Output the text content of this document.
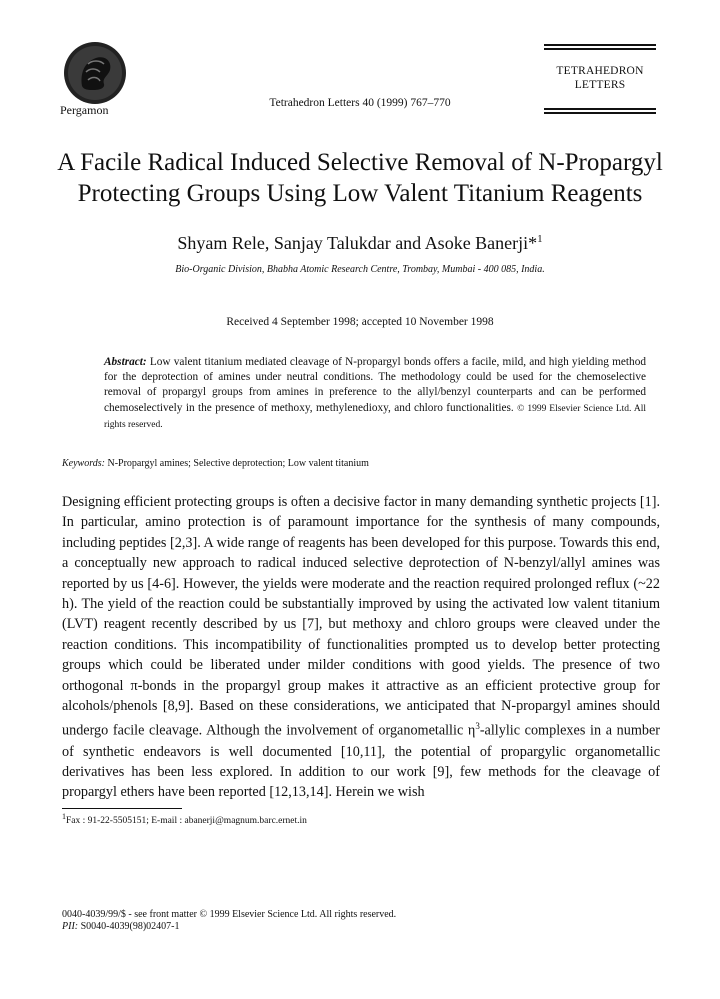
Pergamon	Tetrahedron Letters 40 (1999) 767–770
TETRAHEDRON
LETTERS
A Facile Radical Induced Selective Removal of N-Propargyl
Protecting Groups Using Low Valent Titanium Reagents
Shyam Rele, Sanjay Talukdar and Asoke Banerji*$^1$
Bio-Organic Division, Bhabha Atomic Research Centre, Trombay, Mumbai - 400 085, India.
Received 4 September 1998; accepted 10 November 1998
Abstract: Low valent titanium mediated cleavage of N-propargyl bonds offers a facile, mild, and high yielding method for the deprotection of amines under neutral conditions. The methodology could be used for the chemoselective removal of propargyl groups from amines in preference to the allyl/benzyl counterparts and can be performed chemoselectively in the presence of methoxy, methylenedioxy, and chloro functionalities. © 1999 Elsevier Science Ltd. All rights reserved.
Keywords: N-Propargyl amines; Selective deprotection; Low valent titanium

Designing efficient protecting groups is often a decisive factor in many demanding synthetic projects [1]. In particular, amino protection is of paramount importance for the synthesis of many compounds, including peptides [2,3]. A wide range of reagents has been developed for this purpose. Towards this end, a conceptually new approach to radical induced selective deprotection of N-benzyl/allyl amines was reported by us [4-6]. However, the yields were moderate and the reaction required prolonged reflux (~22 h). The yield of the reaction could be substantially improved by using the activated low valent titanium (LVT) reagent recently described by us [7], but methoxy and chloro groups were cleaved under the reaction conditions. This incompatibility of functionalities prompted us to develop better protecting groups which could be liberated under milder conditions with good yields. The presence of two orthogonal π-bonds in the propargyl group makes it attractive as an efficient protective group for alcohols/phenols [8,9]. Based on these considerations, we anticipated that N-propargyl amines should undergo facile cleavage. Although the involvement of organometallic $\eta^3$-allylic complexes in a number of synthetic endeavors is well documented [10,11], the potential of propargylic organometallic derivatives has been less explored. In addition to our work [9], few methods for the cleavage of propargyl ethers have been reported [12,13,14]. Herein we wish

$^1$Fax : 91-22-5505151; E-mail : abanerji@magnum.barc.ernet.in
0040-4039/99/$ - see front matter © 1999 Elsevier Science Ltd. All rights reserved.
PII: S0040-4039(98)02407-1
